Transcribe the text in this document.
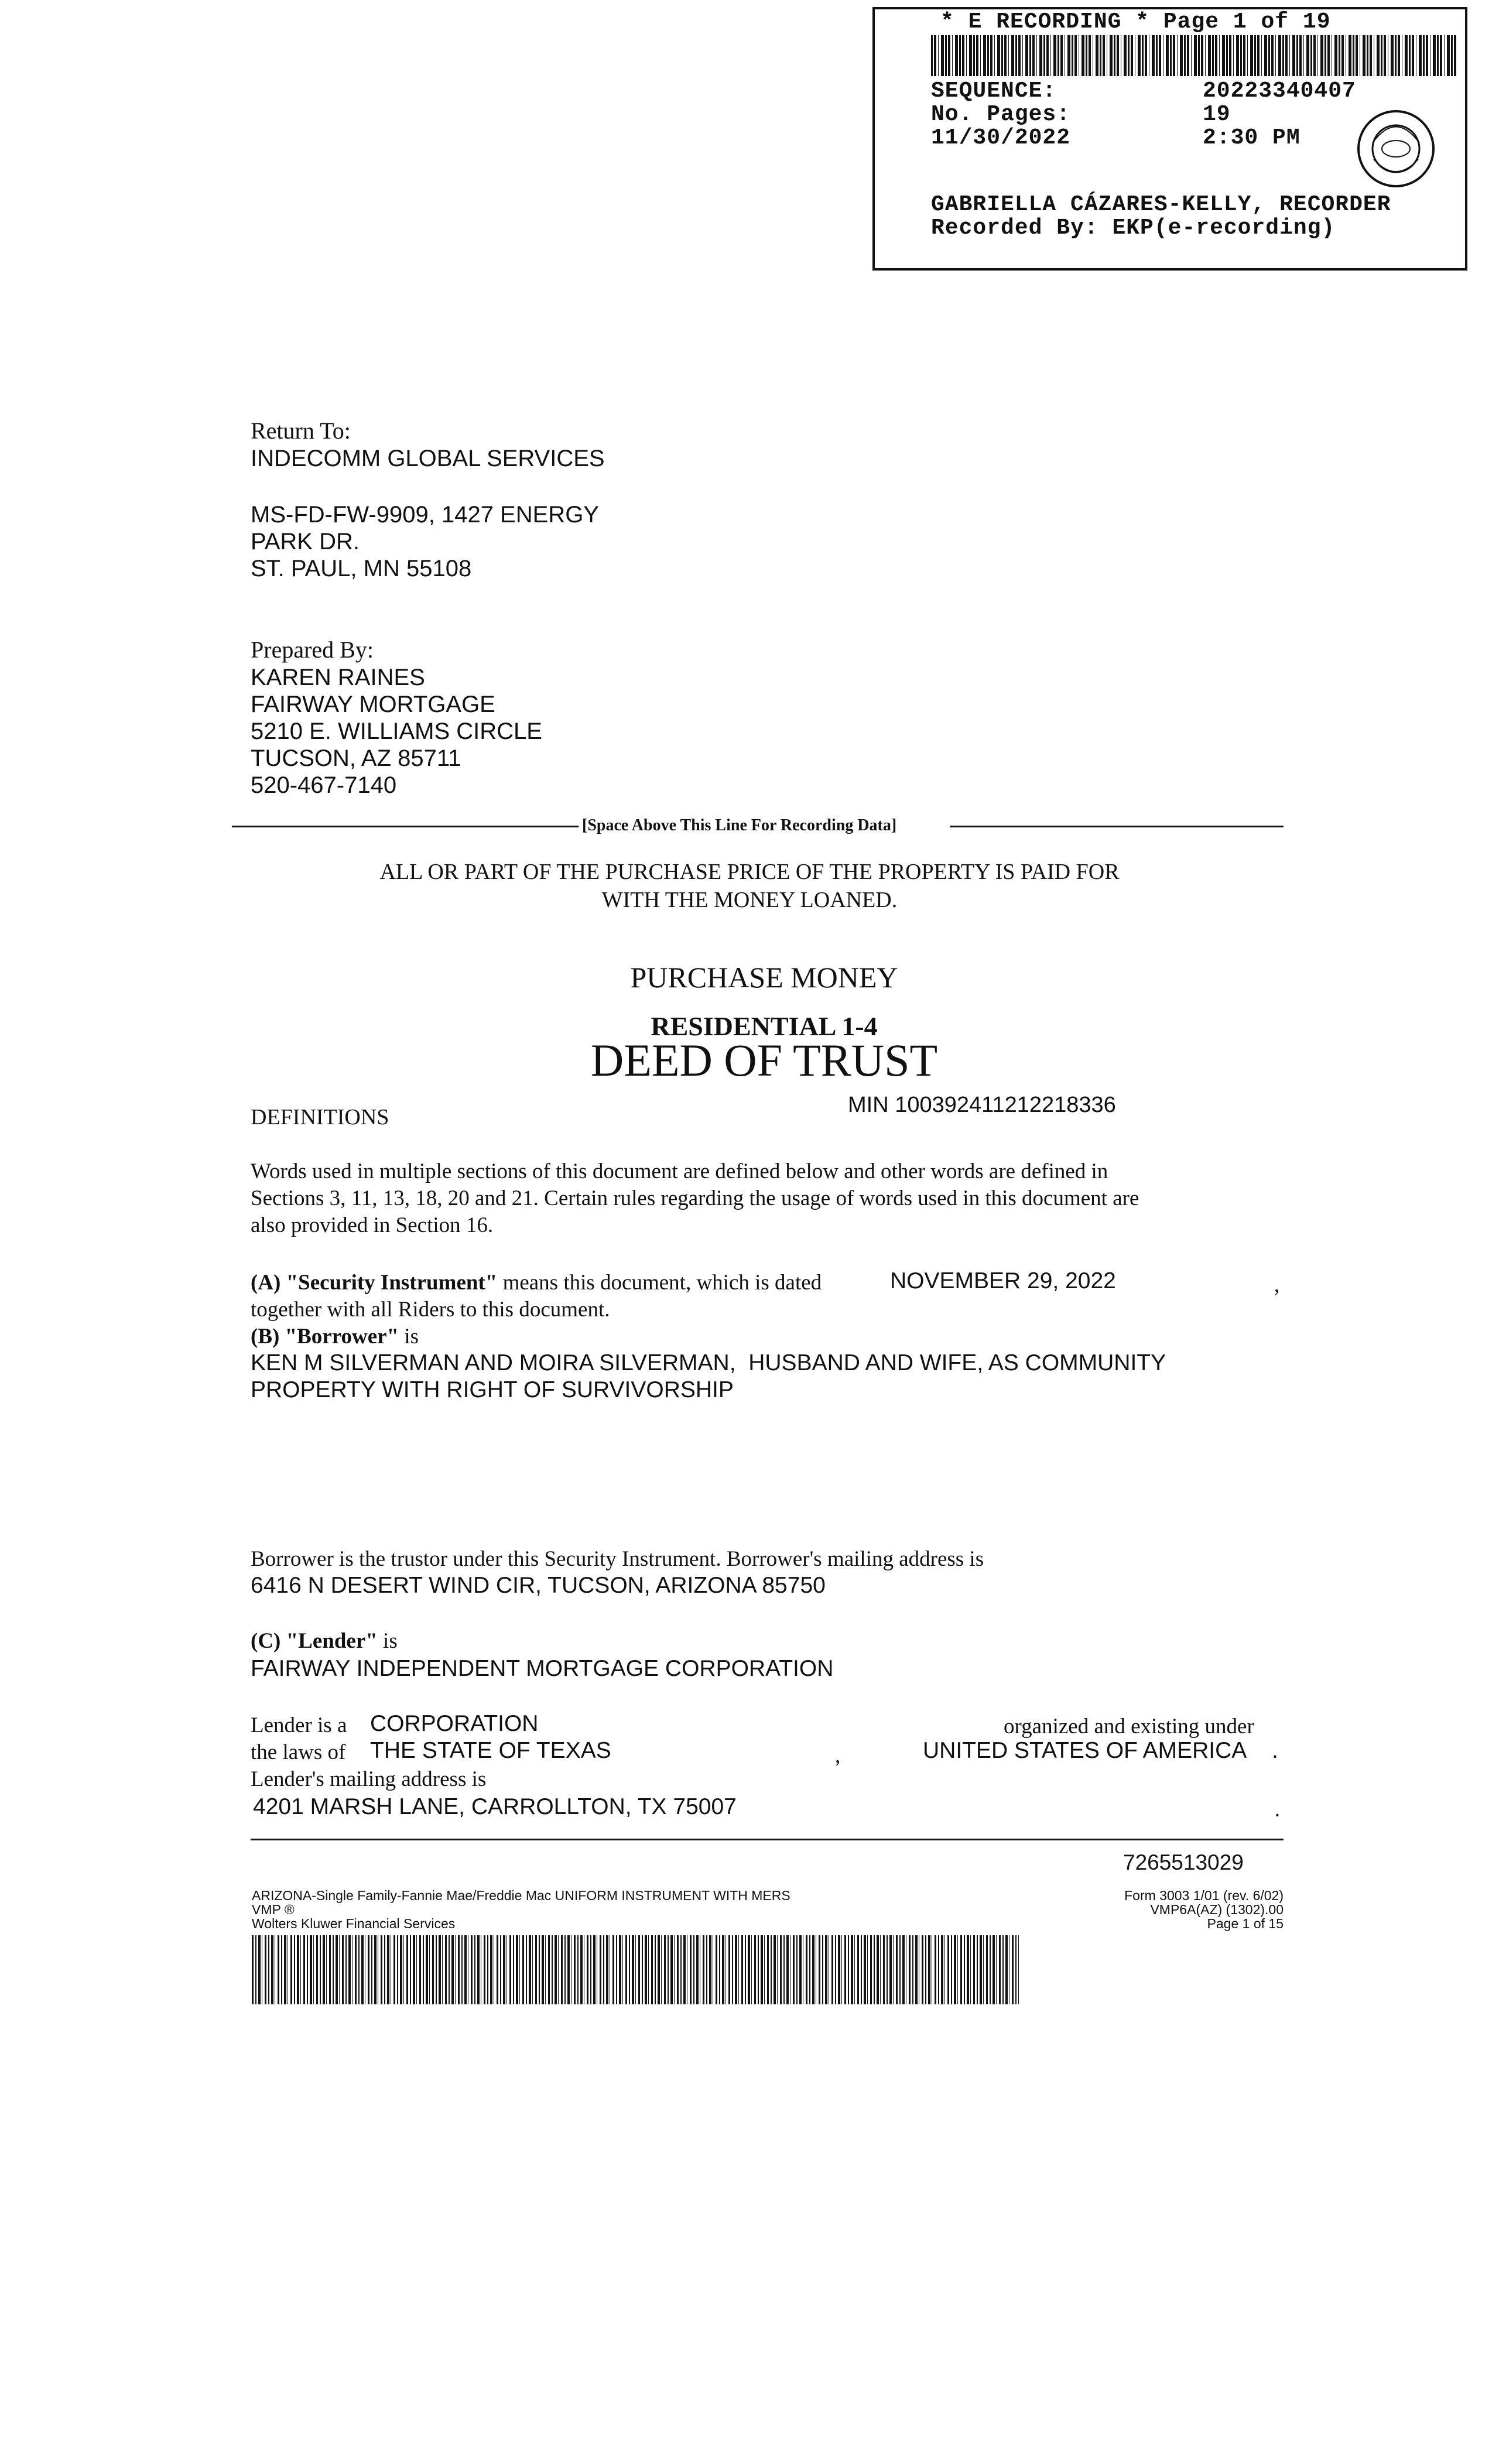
* E RECORDING * Page 1 of 19
SEQUENCE:	20223340407
No. Pages:	19
11/30/2022	2:30 PM
GABRIELLA CÁZARES-KELLY, RECORDER
Recorded By: EKP(e-recording)
Return To:
INDECOMM GLOBAL SERVICES
MS-FD-FW-9909, 1427 ENERGY
PARK DR.
ST. PAUL, MN 55108
Prepared By:
KAREN RAINES
FAIRWAY MORTGAGE
5210 E. WILLIAMS CIRCLE
TUCSON, AZ 85711
520-467-7140
[Space Above This Line For Recording Data]
ALL OR PART OF THE PURCHASE PRICE OF THE PROPERTY IS PAID FOR
WITH THE MONEY LOANED.
PURCHASE MONEY
RESIDENTIAL 1-4
DEED OF TRUST
DEFINITIONS	MIN 100392411212218336
Words used in multiple sections of this document are defined below and other words are defined in
Sections 3, 11, 13, 18, 20 and 21. Certain rules regarding the usage of words used in this document are
also provided in Section 16.
(A) "Security Instrument" means this document, which is dated	NOVEMBER 29, 2022	,
together with all Riders to this document.
(B) "Borrower" is
KEN M SILVERMAN AND MOIRA SILVERMAN,  HUSBAND AND WIFE, AS COMMUNITY
PROPERTY WITH RIGHT OF SURVIVORSHIP
Borrower is the trustor under this Security Instrument. Borrower's mailing address is
6416 N DESERT WIND CIR, TUCSON, ARIZONA 85750
(C) "Lender" is
FAIRWAY INDEPENDENT MORTGAGE CORPORATION
Lender is a CORPORATION	organized and existing under
the laws of THE STATE OF TEXAS	,	UNITED STATES OF AMERICA .
Lender's mailing address is
4201 MARSH LANE, CARROLLTON, TX 75007	.
7265513029
ARIZONA-Single Family-Fannie Mae/Freddie Mac UNIFORM INSTRUMENT WITH MERS
VMP ®
Wolters Kluwer Financial Services
Form 3003 1/01 (rev. 6/02)
VMP6A(AZ) (1302).00
Page 1 of 15
